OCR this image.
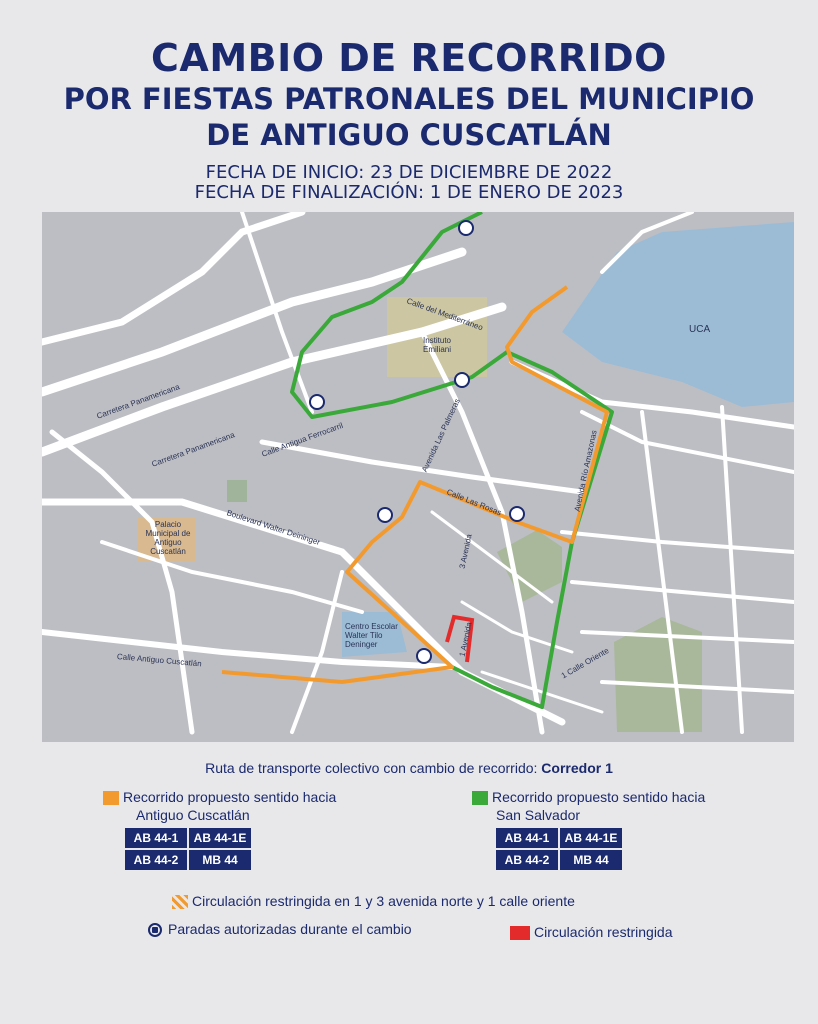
CAMBIO DE RECORRIDO
POR FIESTAS PATRONALES DEL MUNICIPIO
DE ANTIGUO CUSCATLÁN
FECHA DE INICIO: 23 DE DICIEMBRE DE 2022
FECHA DE FINALIZACIÓN: 1 DE ENERO DE 2023
UCA
Instituto Emiliani
Palacio Municipal de Antiguo Cuscatlán
Centro Escolar Walter Tilo Deninger
Calle del Mediterráneo
Carretera Panamericana
Carretera Panamericana	Calle Antigua Ferrocarril	Avenida Las Palmeras
Calle Las Rosas	Avenida Río Amazonas
Boulevard Walter Deininger
3 Avenida
1 Avenida
1 Calle Oriente
Calle Antiguo Cuscatlán
Ruta de transporte colectivo con cambio de recorrido: Corredor 1
Recorrido propuesto sentido hacia
Antiguo Cuscatlán
AB 44-1	AB 44-1E
AB 44-2	MB 44
Recorrido propuesto sentido hacia
San Salvador
AB 44-1	AB 44-1E
AB 44-2	MB 44
Circulación restringida en 1 y 3 avenida norte y 1 calle oriente
Paradas autorizadas durante el cambio	Circulación restringida
